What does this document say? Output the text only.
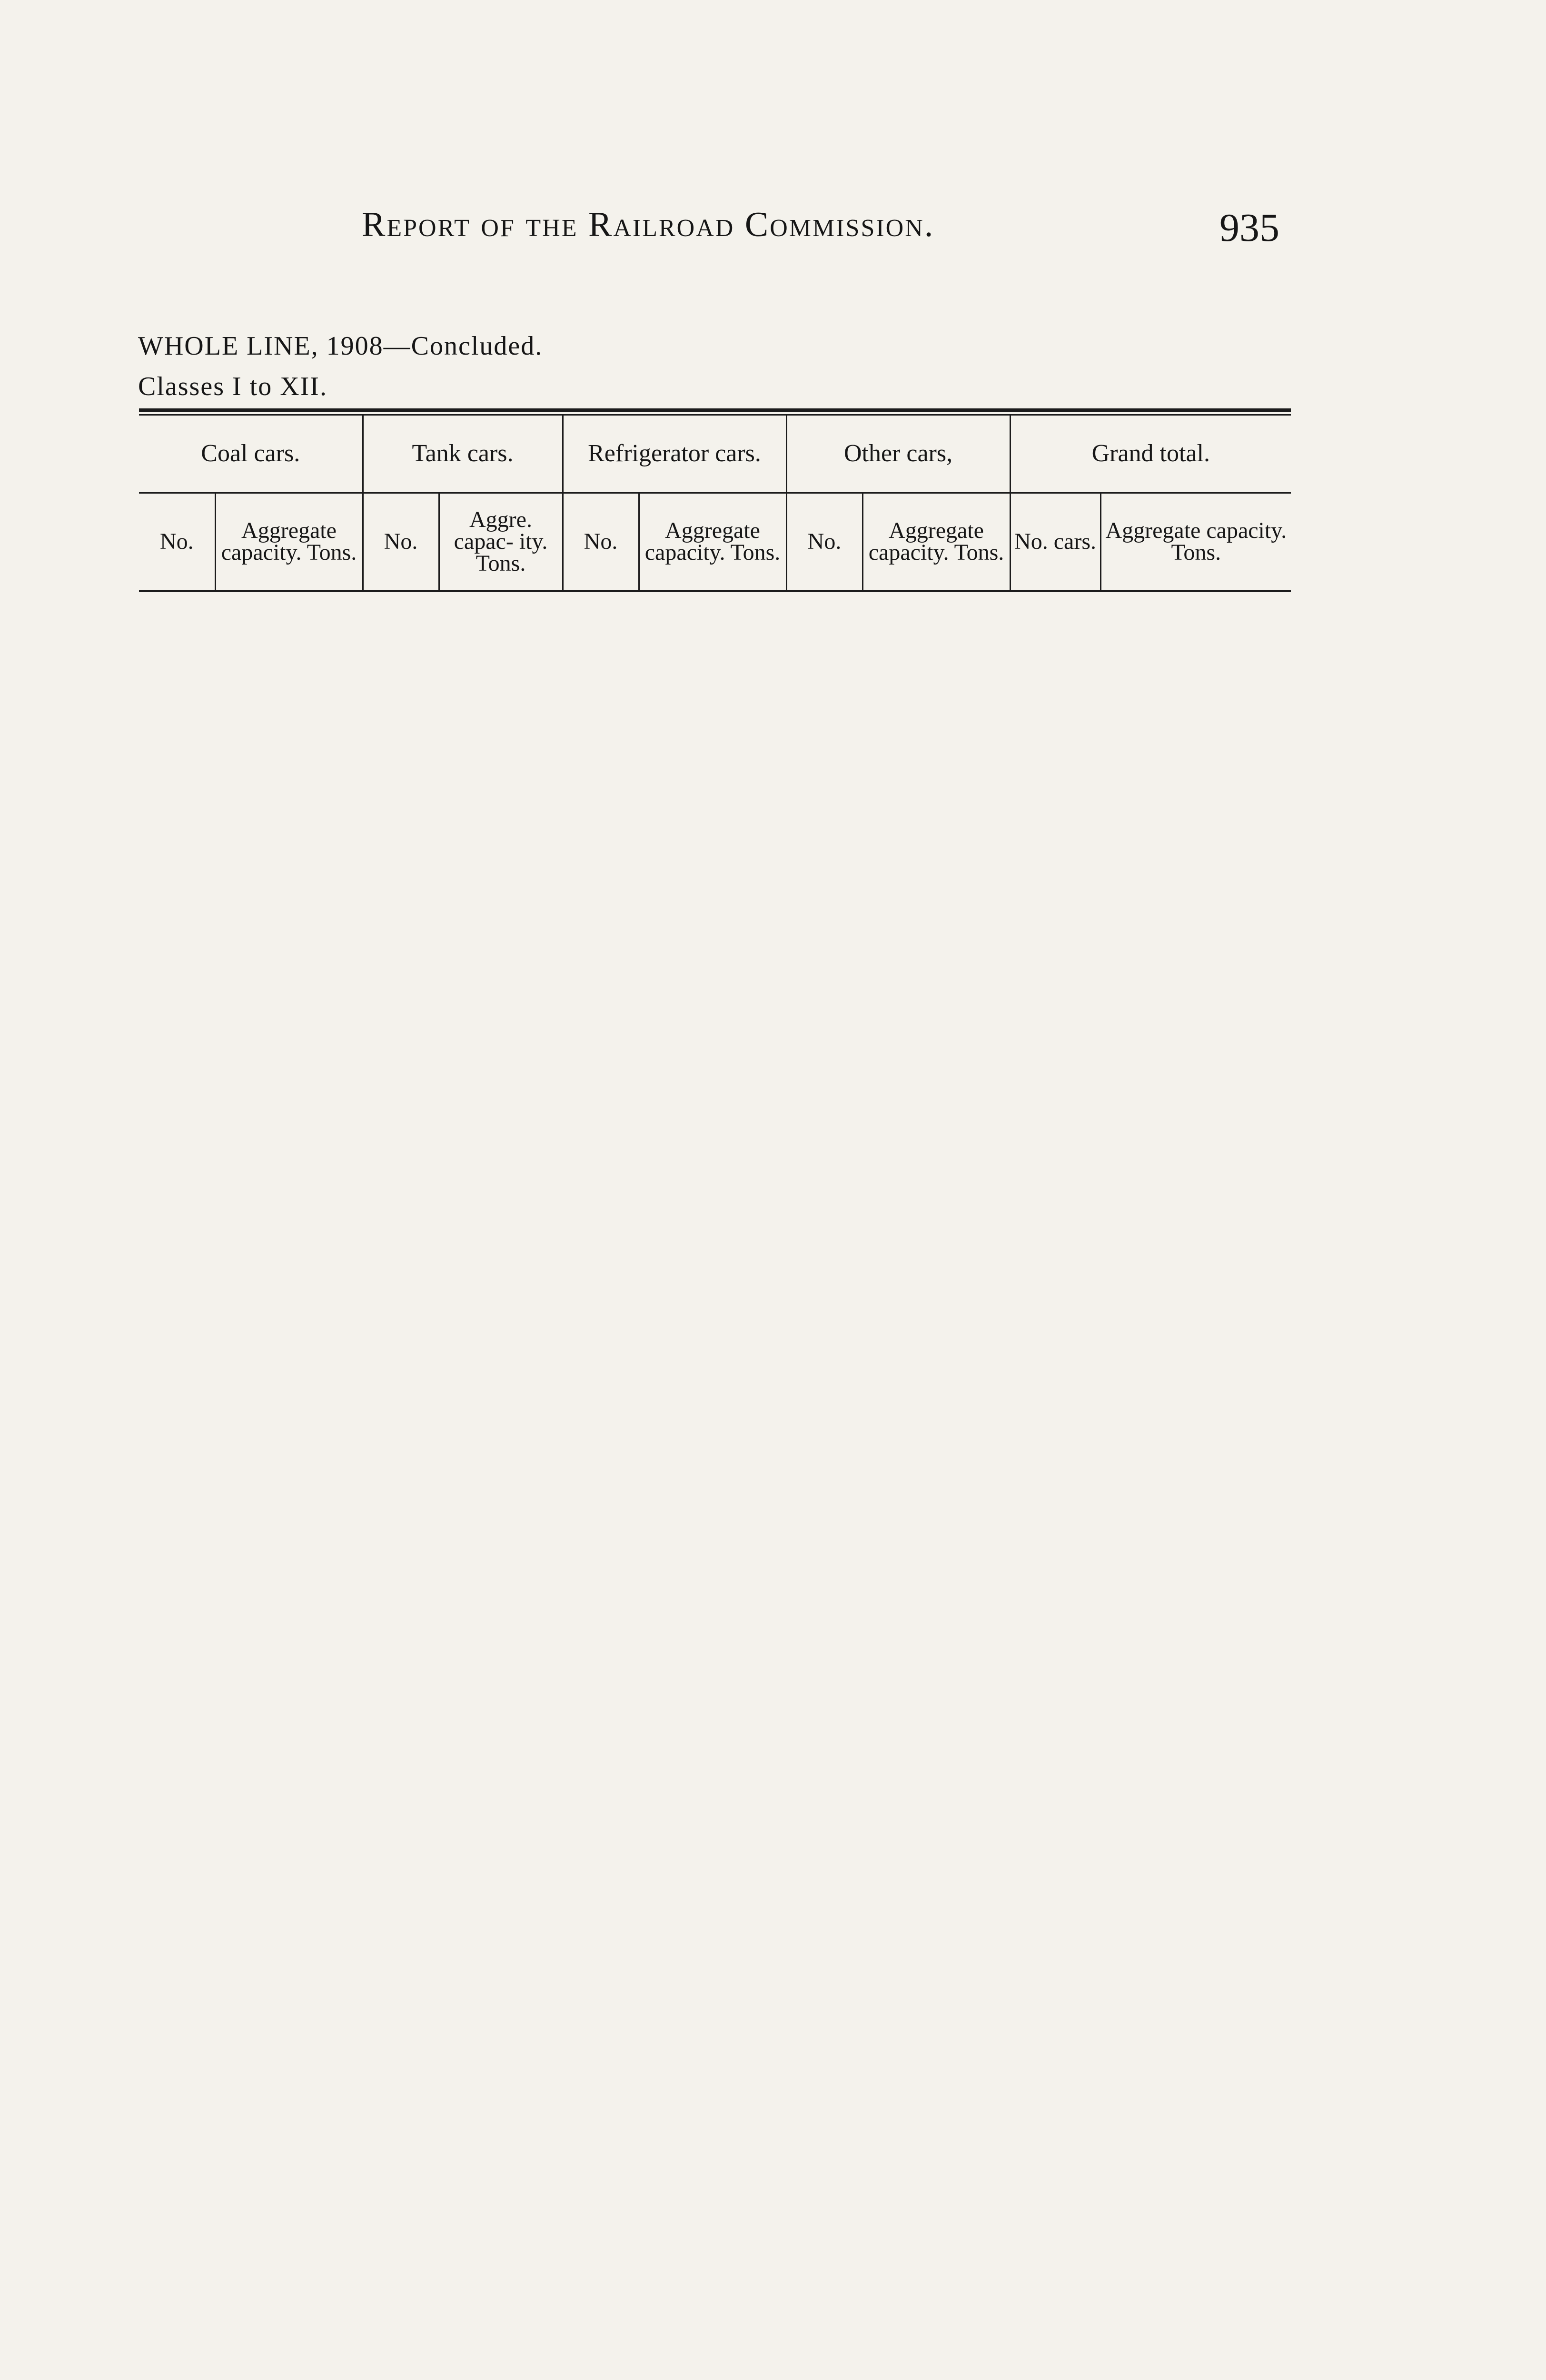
Report of the Railroad Commission.	935
WHOLE LINE, 1908—Concluded.
Classes I to XII.
Coal cars.		Tank cars.		Refrigerator cars.		Other cars,		Grand total.	
No.	Aggregate capacity. Tons.	No.	Aggre. capac- ity. Tons.	No.	Aggregate capacity. Tons.	No.	Aggregate capacity. Tons.	No. cars.	Aggregate capacity. Tons.
